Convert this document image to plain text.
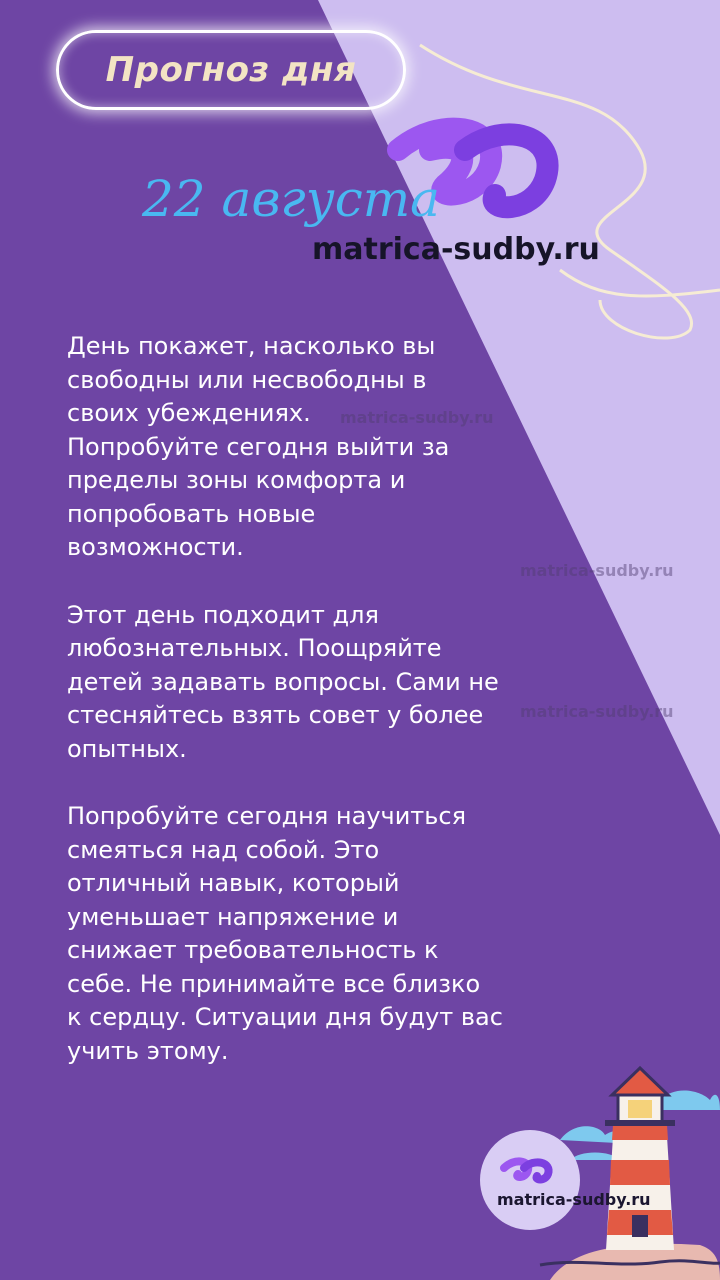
Прогноз дня
22 августа
matrica-sudby.ru

День покажет, насколько вы
свободны или несвободны в
своих убеждениях.
Попробуйте сегодня выйти за
пределы зоны комфорта и
попробовать новые
возможности.

Этот день подходит для
любознательных. Поощряйте
детей задавать вопросы. Сами не
стесняйтесь взять совет у более
опытных.

Попробуйте сегодня научиться
смеяться над собой. Это
отличный навык, который
уменьшает напряжение и
снижает требовательность к
себе. Не принимайте все близко
к сердцу. Ситуации дня будут вас
учить этому.

matrica-sudby.ru
matrica-sudby.ru
matrica-sudby.ru
matrica-sudby.ru
